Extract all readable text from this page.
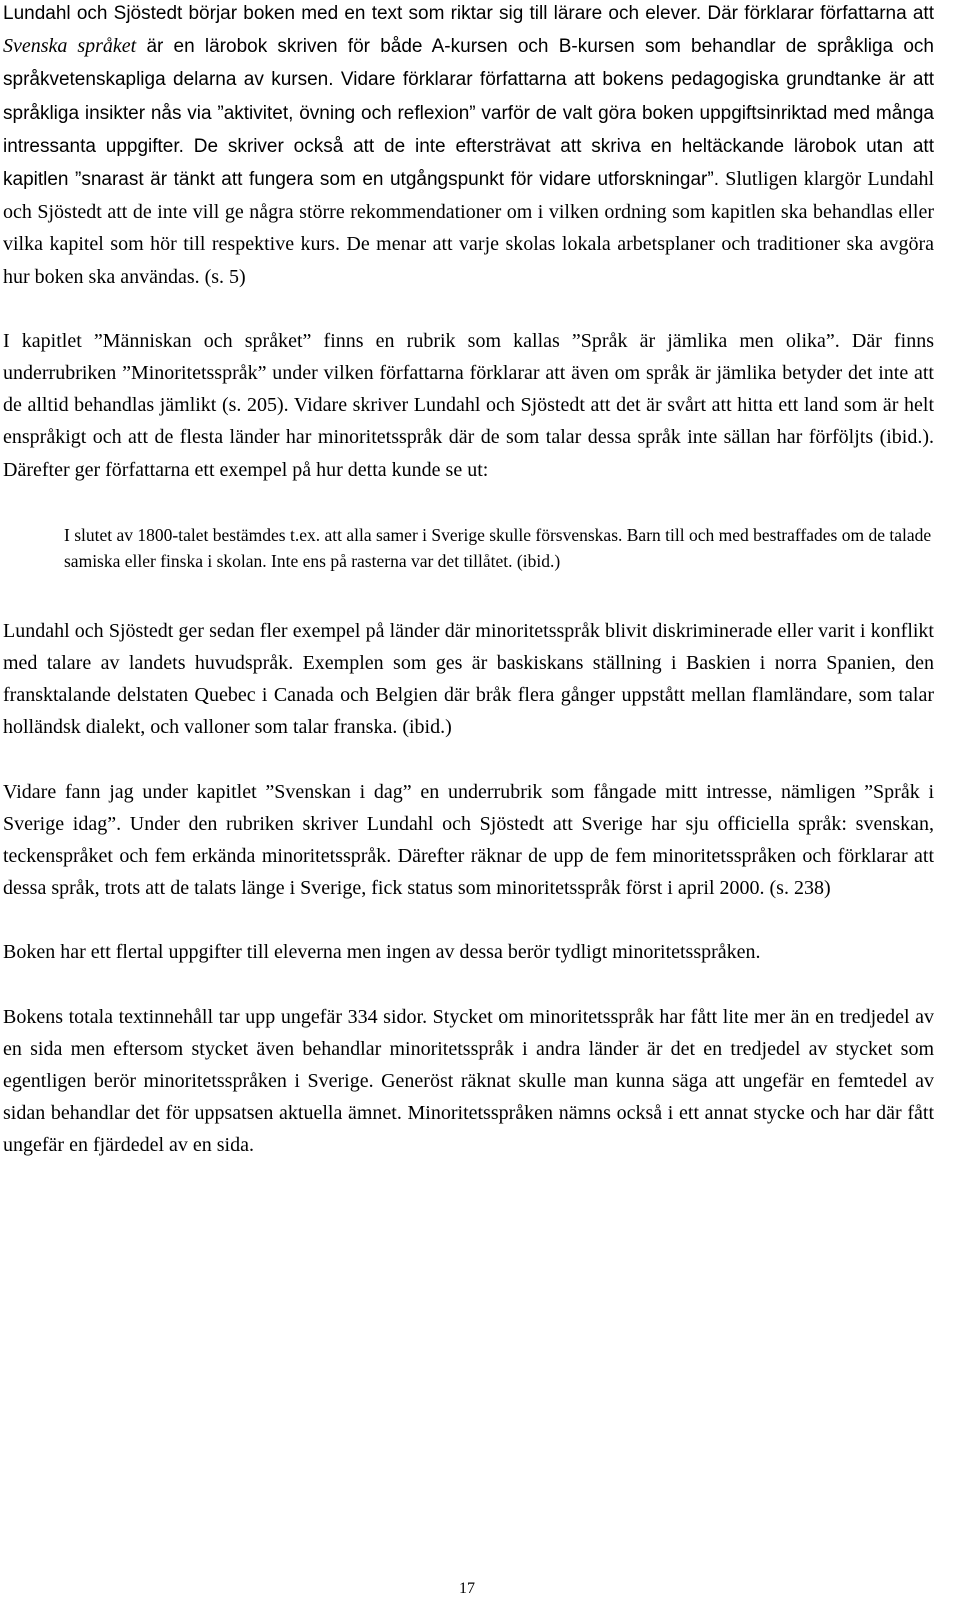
Lundahl och Sjöstedt börjar boken med en text som riktar sig till lärare och elever. Där förklarar författarna att Svenska språket är en lärobok skriven för både A-kursen och B-kursen som behandlar de språkliga och språkvetenskapliga delarna av kursen. Vidare förklarar författarna att bokens pedagogiska grundtanke är att språkliga insikter nås via ”aktivitet, övning och reflexion” varför de valt göra boken uppgiftsinriktad med många intressanta uppgifter. De skriver också att de inte eftersträvat att skriva en heltäckande lärobok utan att kapitlen ”snarast är tänkt att fungera som en utgångspunkt för vidare utforskningar”. Slutligen klargör Lundahl och Sjöstedt att de inte vill ge några större rekommendationer om i vilken ordning som kapitlen ska behandlas eller vilka kapitel som hör till respektive kurs. De menar att varje skolas lokala arbetsplaner och traditioner ska avgöra hur boken ska användas. (s. 5)

I kapitlet ”Människan och språket” finns en rubrik som kallas ”Språk är jämlika men olika”. Där finns underrubriken ”Minoritetsspråk” under vilken författarna förklarar att även om språk är jämlika betyder det inte att de alltid behandlas jämlikt (s. 205). Vidare skriver Lundahl och Sjöstedt att det är svårt att hitta ett land som är helt enspråkigt och att de flesta länder har minoritetsspråk där de som talar dessa språk inte sällan har förföljts (ibid.). Därefter ger författarna ett exempel på hur detta kunde se ut:

I slutet av 1800-talet bestämdes t.ex. att alla samer i Sverige skulle försvenskas. Barn till och med bestraffades om de talade samiska eller finska i skolan. Inte ens på rasterna var det tillåtet. (ibid.)

Lundahl och Sjöstedt ger sedan fler exempel på länder där minoritetsspråk blivit diskriminerade eller varit i konflikt med talare av landets huvudspråk. Exemplen som ges är baskiskans ställning i Baskien i norra Spanien, den fransktalande delstaten Quebec i Canada och Belgien där bråk flera gånger uppstått mellan flamländare, som talar holländsk dialekt, och valloner som talar franska. (ibid.)

Vidare fann jag under kapitlet ”Svenskan i dag” en underrubrik som fångade mitt intresse, nämligen ”Språk i Sverige idag”. Under den rubriken skriver Lundahl och Sjöstedt att Sverige har sju officiella språk: svenskan, teckenspråket och fem erkända minoritetsspråk. Därefter räknar de upp de fem minoritetsspråken och förklarar att dessa språk, trots att de talats länge i Sverige, fick status som minoritetsspråk först i april 2000. (s. 238)

Boken har ett flertal uppgifter till eleverna men ingen av dessa berör tydligt minoritetsspråken.

Bokens totala textinnehåll tar upp ungefär 334 sidor. Stycket om minoritetsspråk har fått lite mer än en tredjedel av en sida men eftersom stycket även behandlar minoritetsspråk i andra länder är det en tredjedel av stycket som egentligen berör minoritetsspråken i Sverige. Generöst räknat skulle man kunna säga att ungefär en femtedel av sidan behandlar det för uppsatsen aktuella ämnet. Minoritetsspråken nämns också i ett annat stycke och har där fått ungefär en fjärdedel av en sida.

17
